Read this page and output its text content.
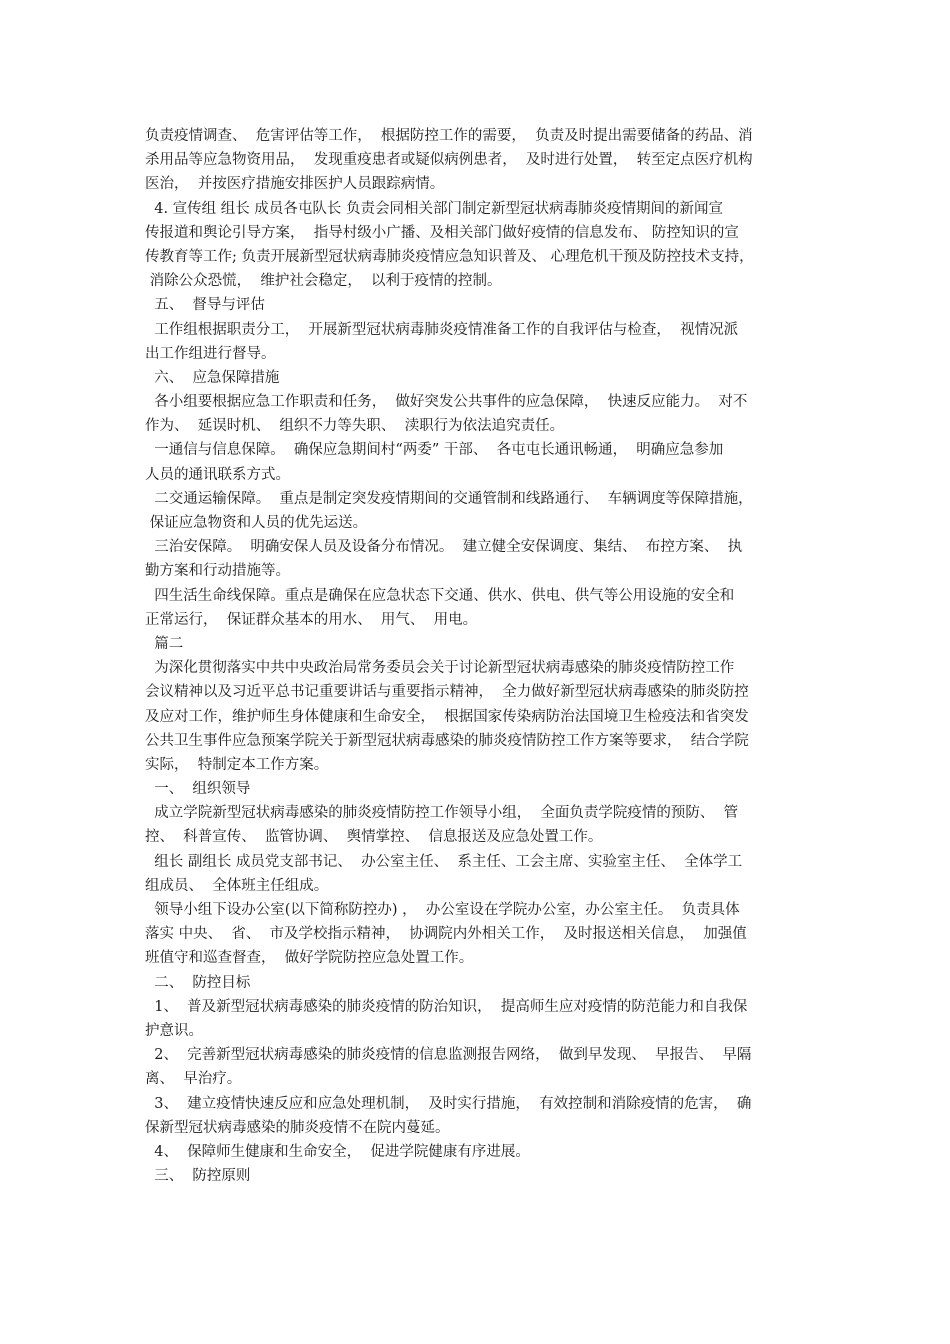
负责疫情调查、  危害评估等工作，  根据防控工作的需要，  负责及时提出需要储备的药品、消
杀用品等应急物资用品，  发现重疫患者或疑似病例患者，  及时进行处置，  转至定点医疗机构
医治，  并按医疗措施安排医护人员跟踪病情。
4. 宣传组 组长 成员各屯队长 负责会同相关部门制定新型冠状病毒肺炎疫情期间的新闻宣
传报道和舆论引导方案，  指导村级小广播、及相关部门做好疫情的信息发布、 防控知识的宣
传教育等工作; 负责开展新型冠状病毒肺炎疫情应急知识普及、 心理危机干预及防控技术支持，
消除公众恐慌，  维护社会稳定，  以利于疫情的控制。
五、  督导与评估
工作组根据职责分工，  开展新型冠状病毒肺炎疫情准备工作的自我评估与检查，  视情况派
出工作组进行督导。
六、  应急保障措施
各小组要根据应急工作职责和任务，  做好突发公共事件的应急保障，  快速反应能力。  对不
作为、  延误时机、  组织不力等失职、  渎职行为依法追究责任。
一通信与信息保障。  确保应急期间村“两委” 干部、  各屯屯长通讯畅通，  明确应急参加
人员的通讯联系方式。
二交通运输保障。  重点是制定突发疫情期间的交通管制和线路通行、  车辆调度等保障措施，
保证应急物资和人员的优先运送。
三治安保障。  明确安保人员及设备分布情况。  建立健全安保调度、集结、  布控方案、  执
勤方案和行动措施等。
四生活生命线保障。重点是确保在应急状态下交通、供水、供电、供气等公用设施的安全和
正常运行，  保证群众基本的用水、  用气、  用电。
篇二
为深化贯彻落实中共中央政治局常务委员会关于讨论新型冠状病毒感染的肺炎疫情防控工作
会议精神以及习近平总书记重要讲话与重要指示精神，  全力做好新型冠状病毒感染的肺炎防控
及应对工作，维护师生身体健康和生命安全，  根据国家传染病防治法国境卫生检疫法和省突发
公共卫生事件应急预案学院关于新型冠状病毒感染的肺炎疫情防控工作方案等要求，  结合学院
实际，  特制定本工作方案。
一、  组织领导
成立学院新型冠状病毒感染的肺炎疫情防控工作领导小组，  全面负责学院疫情的预防、  管
控、  科普宣传、  监管协调、  舆情掌控、  信息报送及应急处置工作。
组长 副组长 成员党支部书记、  办公室主任、  系主任、工会主席、实验室主任、  全体学工
组成员、  全体班主任组成。
领导小组下设办公室(以下简称防控办) ，  办公室设在学院办公室，办公室主任。  负责具体
落实 中央、  省、  市及学校指示精神，  协调院内外相关工作，  及时报送相关信息，  加强值
班值守和巡查督查，  做好学院防控应急处置工作。
二、  防控目标
1、  普及新型冠状病毒感染的肺炎疫情的防治知识，  提高师生应对疫情的防范能力和自我保
护意识。
2、  完善新型冠状病毒感染的肺炎疫情的信息监测报告网络，  做到早发现、  早报告、  早隔
离、  早治疗。
3、  建立疫情快速反应和应急处理机制，  及时实行措施，  有效控制和消除疫情的危害，  确
保新型冠状病毒感染的肺炎疫情不在院内蔓延。
4、  保障师生健康和生命安全，  促进学院健康有序进展。
三、  防控原则
